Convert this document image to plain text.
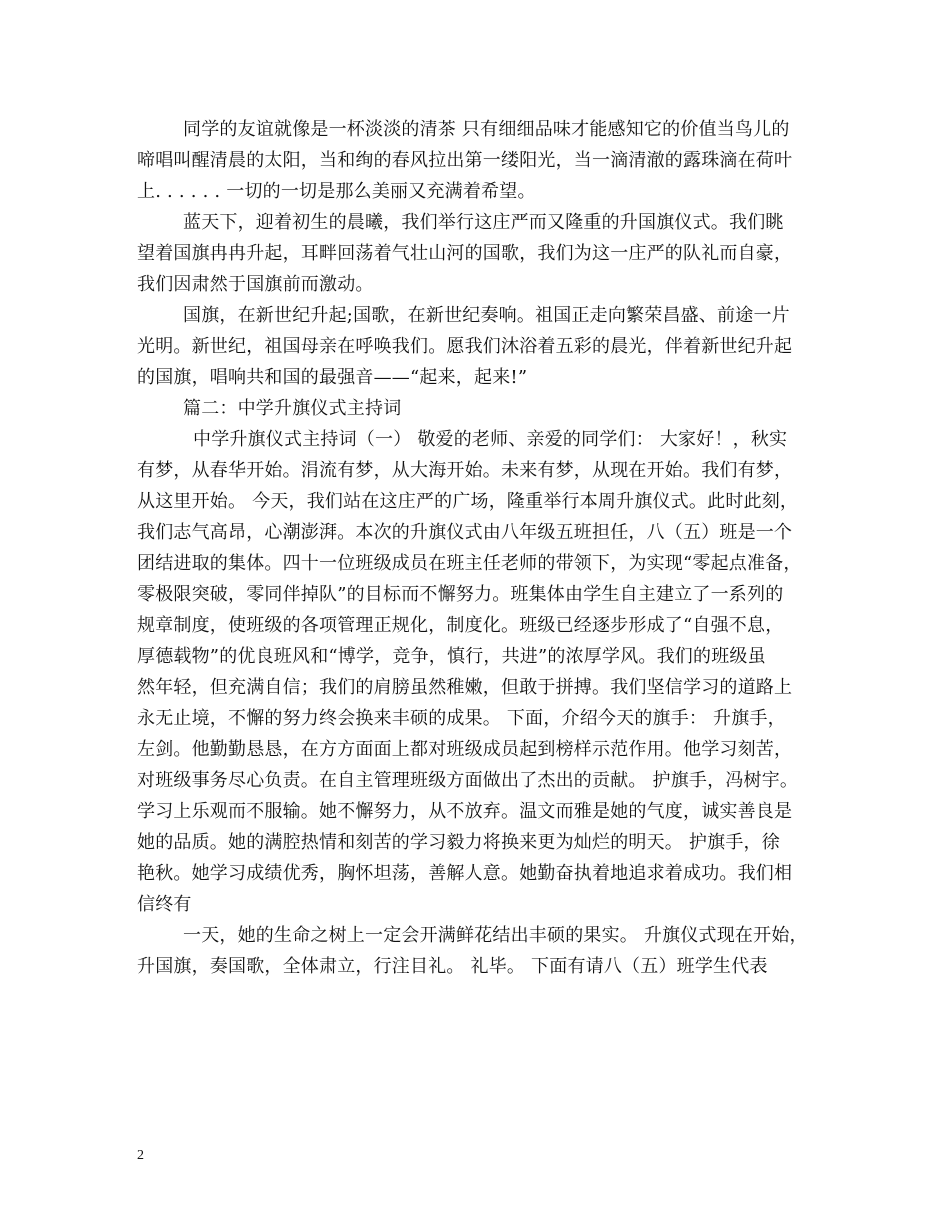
同学的友谊就像是一杯淡淡的清茶 只有细细品味才能感知它的价值当鸟儿的
啼唱叫醒清晨的太阳，当和绚的春风拉出第一缕阳光，当一滴清澈的露珠滴在荷叶
上. . . . . . 一切的一切是那么美丽又充满着希望。

蓝天下，迎着初生的晨曦，我们举行这庄严而又隆重的升国旗仪式。我们眺
望着国旗冉冉升起，耳畔回荡着气壮山河的国歌，我们为这一庄严的队礼而自豪，
我们因肃然于国旗前而激动。

国旗，在新世纪升起;国歌，在新世纪奏响。祖国正走向繁荣昌盛、前途一片
光明。新世纪，祖国母亲在呼唤我们。愿我们沐浴着五彩的晨光，伴着新世纪升起
的国旗，唱响共和国的最强音——“起来，起来!”

篇二：中学升旗仪式主持词

中学升旗仪式主持词（一） 敬爱的老师、亲爱的同学们： 大家好！，秋实
有梦，从春华开始。涓流有梦，从大海开始。未来有梦，从现在开始。我们有梦，
从这里开始。 今天，我们站在这庄严的广场，隆重举行本周升旗仪式。此时此刻，
我们志气高昂，心潮澎湃。本次的升旗仪式由八年级五班担任，八（五）班是一个
团结进取的集体。四十一位班级成员在班主任老师的带领下，为实现“零起点准备，
零极限突破，零同伴掉队”的目标而不懈努力。班集体由学生自主建立了一系列的
规章制度，使班级的各项管理正规化，制度化。班级已经逐步形成了“自强不息，
厚德载物”的优良班风和“博学，竞争，慎行，共进”的浓厚学风。我们的班级虽
然年轻，但充满自信；我们的肩膀虽然稚嫩，但敢于拼搏。我们坚信学习的道路上
永无止境，不懈的努力终会换来丰硕的成果。 下面，介绍今天的旗手： 升旗手，
左剑。他勤勤恳恳，在方方面面上都对班级成员起到榜样示范作用。他学习刻苦，
对班级事务尽心负责。在自主管理班级方面做出了杰出的贡献。 护旗手，冯树宇。
学习上乐观而不服输。她不懈努力，从不放弃。温文而雅是她的气度，诚实善良是
她的品质。她的满腔热情和刻苦的学习毅力将换来更为灿烂的明天。 护旗手，徐
艳秋。她学习成绩优秀，胸怀坦荡，善解人意。她勤奋执着地追求着成功。我们相
信终有

一天，她的生命之树上一定会开满鲜花结出丰硕的果实。 升旗仪式现在开始，
升国旗，奏国歌，全体肃立，行注目礼。 礼毕。 下面有请八（五）班学生代表

2
